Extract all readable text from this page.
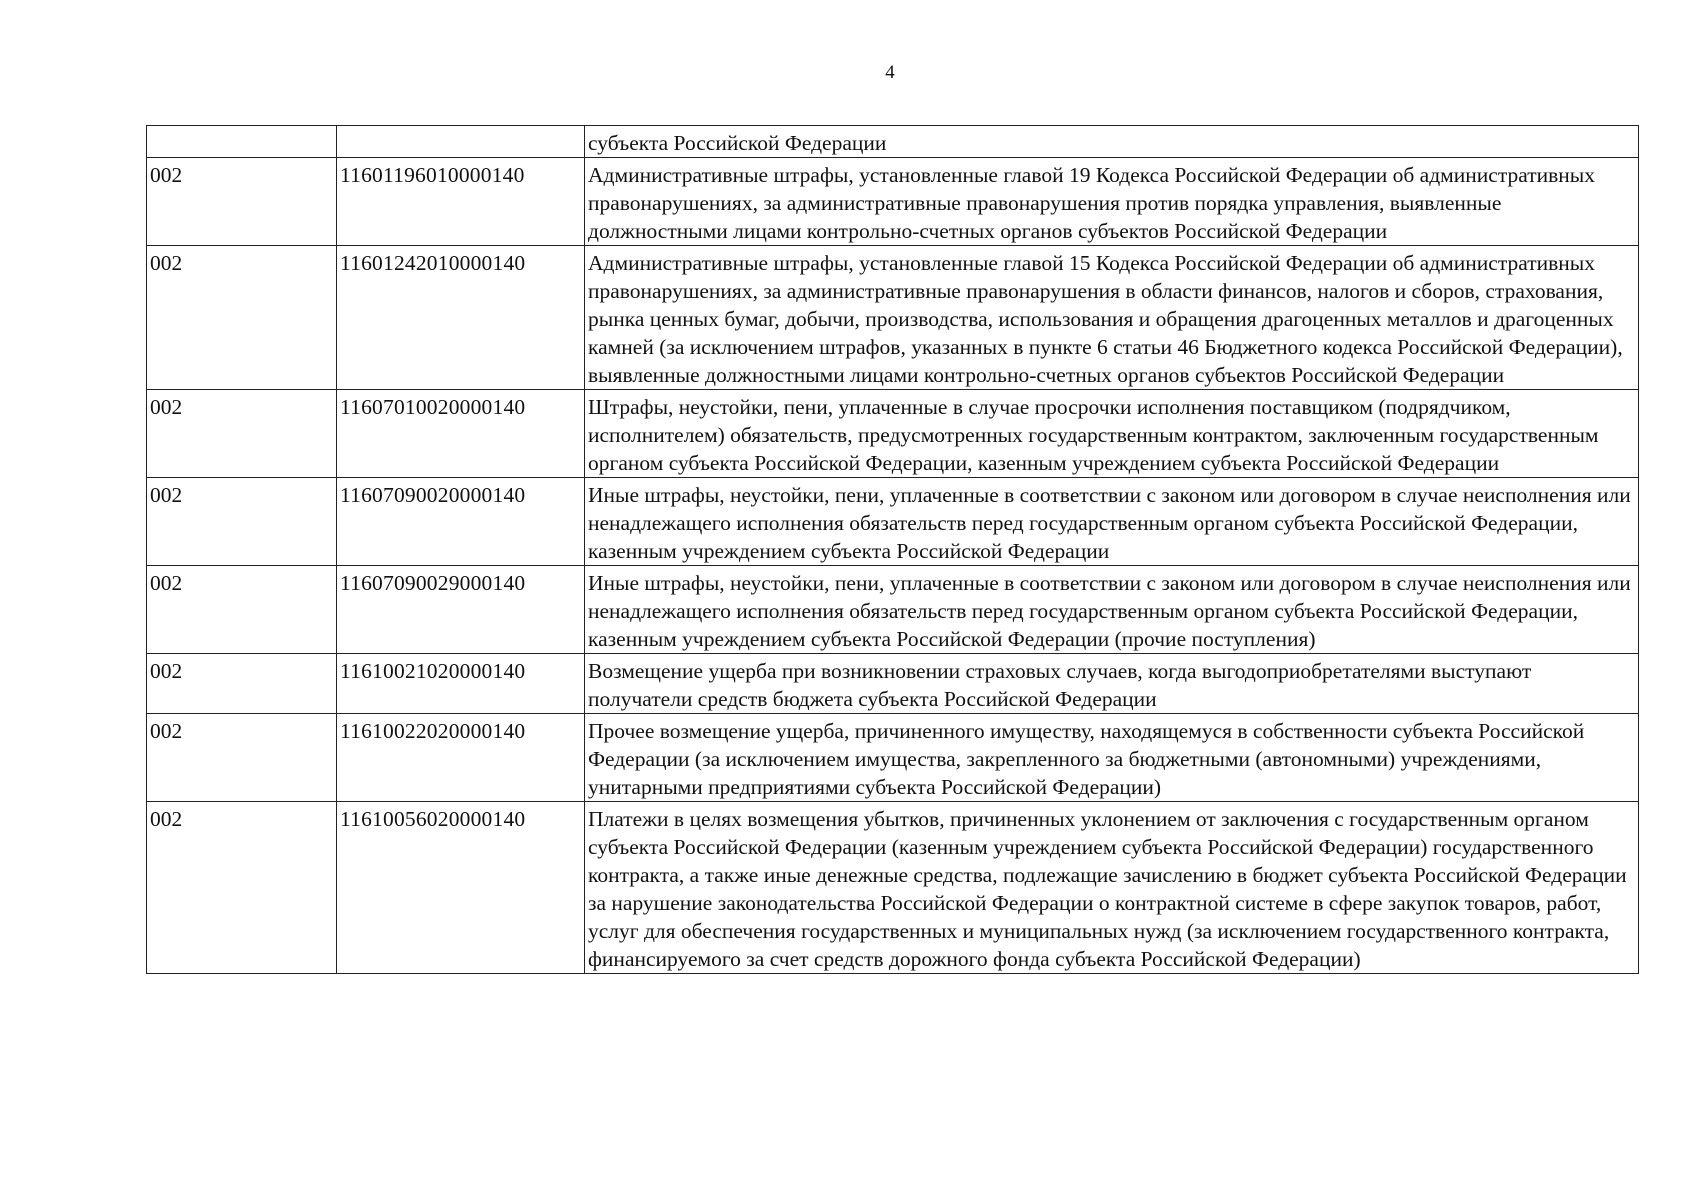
4
		субъекта Российской Федерации
002	11601196010000140	Административные штрафы, установленные главой 19 Кодекса Российской Федерации об административных правонарушениях, за административные правонарушения против порядка управления, выявленные должностными лицами контрольно-счетных органов субъектов Российской Федерации
002	11601242010000140	Административные штрафы, установленные главой 15 Кодекса Российской Федерации об административных правонарушениях, за административные правонарушения в области финансов, налогов и сборов, страхования, рынка ценных бумаг, добычи, производства, использования и обращения драгоценных металлов и драгоценных камней (за исключением штрафов, указанных в пункте 6 статьи 46 Бюджетного кодекса Российской Федерации), выявленные должностными лицами контрольно-счетных органов субъектов Российской Федерации
002	11607010020000140	Штрафы, неустойки, пени, уплаченные в случае просрочки исполнения поставщиком (подрядчиком, исполнителем) обязательств, предусмотренных государственным контрактом, заключенным государственным органом субъекта Российской Федерации, казенным учреждением субъекта Российской Федерации
002	11607090020000140	Иные штрафы, неустойки, пени, уплаченные в соответствии с законом или договором в случае неисполнения или ненадлежащего исполнения обязательств перед государственным органом субъекта Российской Федерации, казенным учреждением субъекта Российской Федерации
002	11607090029000140	Иные штрафы, неустойки, пени, уплаченные в соответствии с законом или договором в случае неисполнения или ненадлежащего исполнения обязательств перед государственным органом субъекта Российской Федерации, казенным учреждением субъекта Российской Федерации (прочие поступления)
002	11610021020000140	Возмещение ущерба при возникновении страховых случаев, когда выгодоприобретателями выступают получатели средств бюджета субъекта Российской Федерации
002	11610022020000140	Прочее возмещение ущерба, причиненного имуществу, находящемуся в собственности субъекта Российской Федерации (за исключением имущества, закрепленного за бюджетными (автономными) учреждениями, унитарными предприятиями субъекта Российской Федерации)
002	11610056020000140	Платежи в целях возмещения убытков, причиненных уклонением от заключения с государственным органом субъекта Российской Федерации (казенным учреждением субъекта Российской Федерации) государственного контракта, а также иные денежные средства, подлежащие зачислению в бюджет субъекта Российской Федерации за нарушение законодательства Российской Федерации о контрактной системе в сфере закупок товаров, работ, услуг для обеспечения государственных и муниципальных нужд (за исключением государственного контракта, финансируемого за счет средств дорожного фонда субъекта Российской Федерации)
